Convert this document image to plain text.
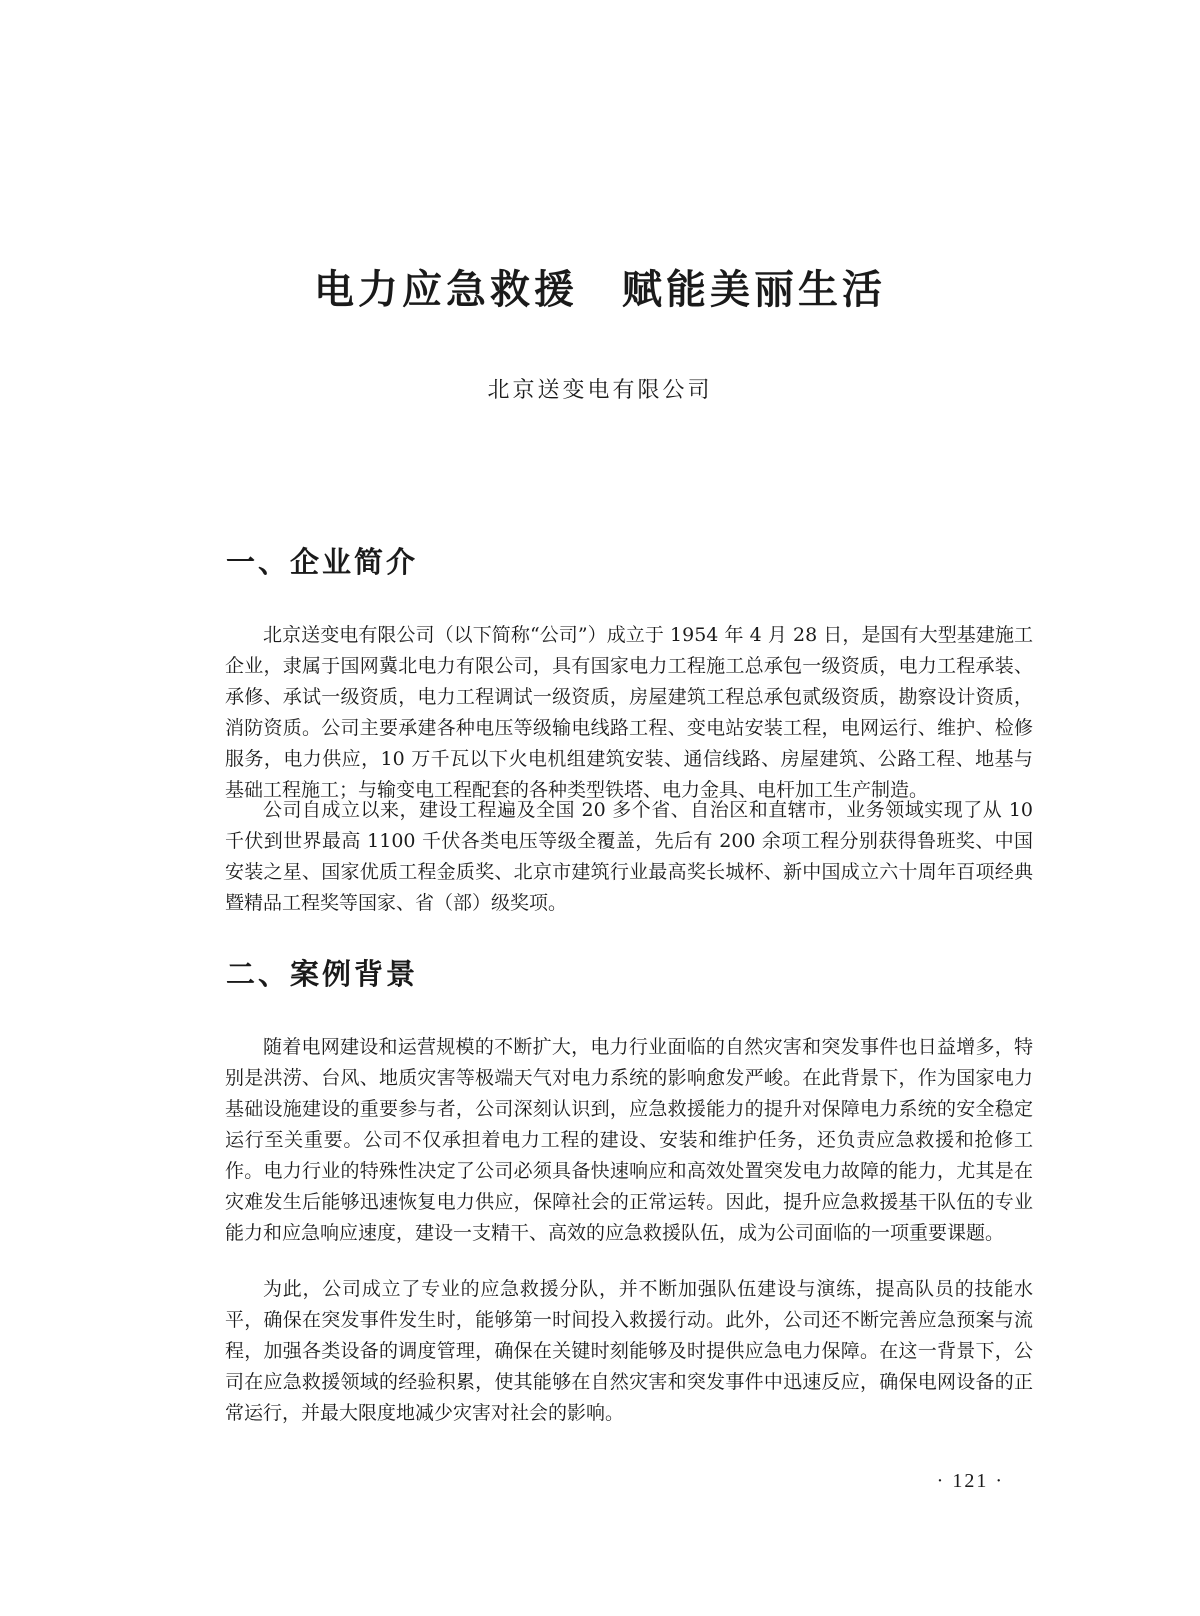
电力应急救援　赋能美丽生活
北京送变电有限公司
一、企业简介

北京送变电有限公司（以下简称“公司”）成立于 1954 年 4 月 28 日，是国有大型基建施工企业，隶属于国网冀北电力有限公司，具有国家电力工程施工总承包一级资质，电力工程承装、承修、承试一级资质，电力工程调试一级资质，房屋建筑工程总承包贰级资质，勘察设计资质，消防资质。公司主要承建各种电压等级输电线路工程、变电站安装工程，电网运行、维护、检修服务，电力供应，10 万千瓦以下火电机组建筑安装、通信线路、房屋建筑、公路工程、地基与基础工程施工；与输变电工程配套的各种类型铁塔、电力金具、电杆加工生产制造。

公司自成立以来，建设工程遍及全国 20 多个省、自治区和直辖市，业务领域实现了从 10 千伏到世界最高 1100 千伏各类电压等级全覆盖，先后有 200 余项工程分别获得鲁班奖、中国安装之星、国家优质工程金质奖、北京市建筑行业最高奖长城杯、新中国成立六十周年百项经典暨精品工程奖等国家、省（部）级奖项。

二、案例背景

随着电网建设和运营规模的不断扩大，电力行业面临的自然灾害和突发事件也日益增多，特别是洪涝、台风、地质灾害等极端天气对电力系统的影响愈发严峻。在此背景下，作为国家电力基础设施建设的重要参与者，公司深刻认识到，应急救援能力的提升对保障电力系统的安全稳定运行至关重要。公司不仅承担着电力工程的建设、安装和维护任务，还负责应急救援和抢修工作。电力行业的特殊性决定了公司必须具备快速响应和高效处置突发电力故障的能力，尤其是在灾难发生后能够迅速恢复电力供应，保障社会的正常运转。因此，提升应急救援基干队伍的专业能力和应急响应速度，建设一支精干、高效的应急救援队伍，成为公司面临的一项重要课题。

为此，公司成立了专业的应急救援分队，并不断加强队伍建设与演练，提高队员的技能水平，确保在突发事件发生时，能够第一时间投入救援行动。此外，公司还不断完善应急预案与流程，加强各类设备的调度管理，确保在关键时刻能够及时提供应急电力保障。在这一背景下，公司在应急救援领域的经验积累，使其能够在自然灾害和突发事件中迅速反应，确保电网设备的正常运行，并最大限度地减少灾害对社会的影响。

· 121 ·
